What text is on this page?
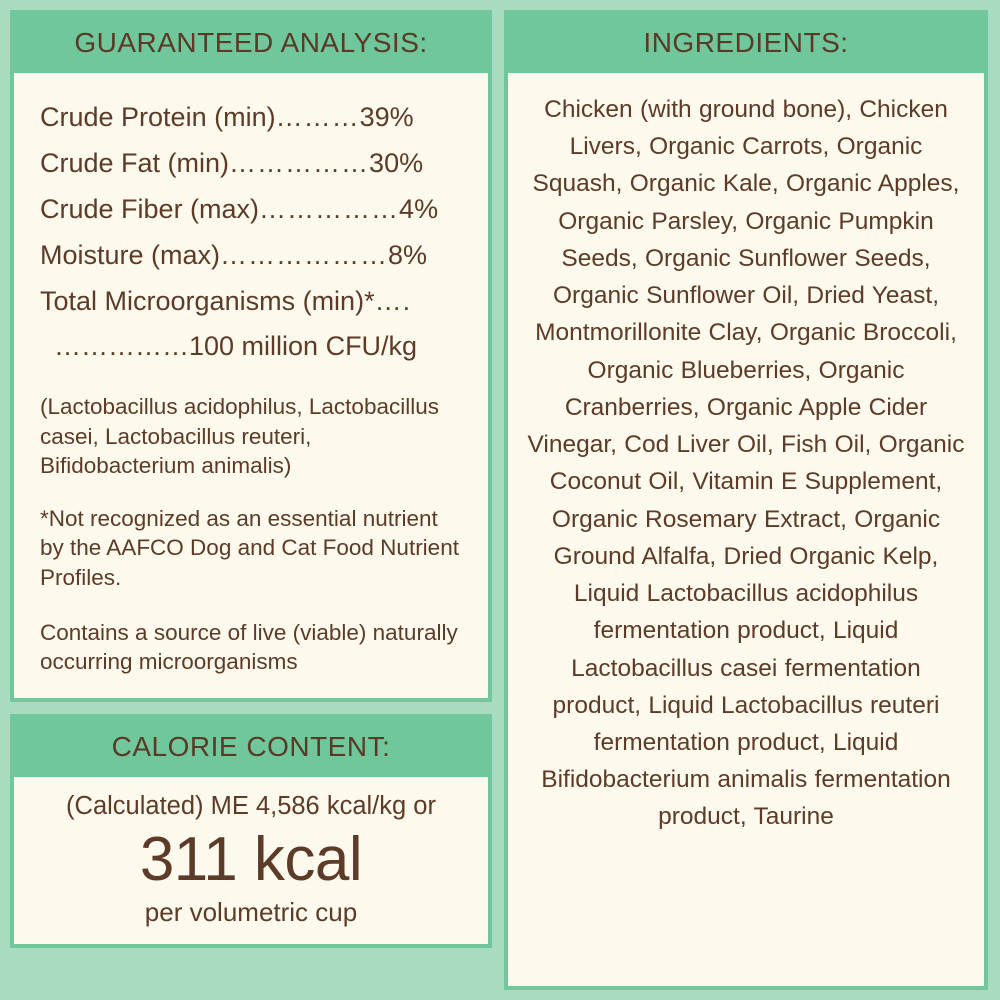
GUARANTEED ANALYSIS:
Crude Protein (min)………39%
Crude Fat (min)……………30%
Crude Fiber (max)……………4%
Moisture (max)………………8%
Total Microorganisms (min)*….
……………100 million CFU/kg
(Lactobacillus acidophilus, Lactobacillus casei, Lactobacillus reuteri, Bifidobacterium animalis)
*Not recognized as an essential nutrient by the AAFCO Dog and Cat Food Nutrient Profiles.
Contains a source of live (viable) naturally occurring microorganisms
CALORIE CONTENT:
(Calculated) ME 4,586 kcal/kg or
311 kcal
per volumetric cup
INGREDIENTS:
Chicken (with ground bone), Chicken Livers, Organic Carrots, Organic Squash, Organic Kale, Organic Apples, Organic Parsley, Organic Pumpkin Seeds, Organic Sunflower Seeds, Organic Sunflower Oil, Dried Yeast, Montmorillonite Clay, Organic Broccoli, Organic Blueberries, Organic Cranberries, Organic Apple Cider Vinegar, Cod Liver Oil, Fish Oil, Organic Coconut Oil, Vitamin E Supplement, Organic Rosemary Extract, Organic Ground Alfalfa, Dried Organic Kelp, Liquid Lactobacillus acidophilus fermentation product, Liquid Lactobacillus casei fermentation product, Liquid Lactobacillus reuteri fermentation product, Liquid Bifidobacterium animalis fermentation product, Taurine
